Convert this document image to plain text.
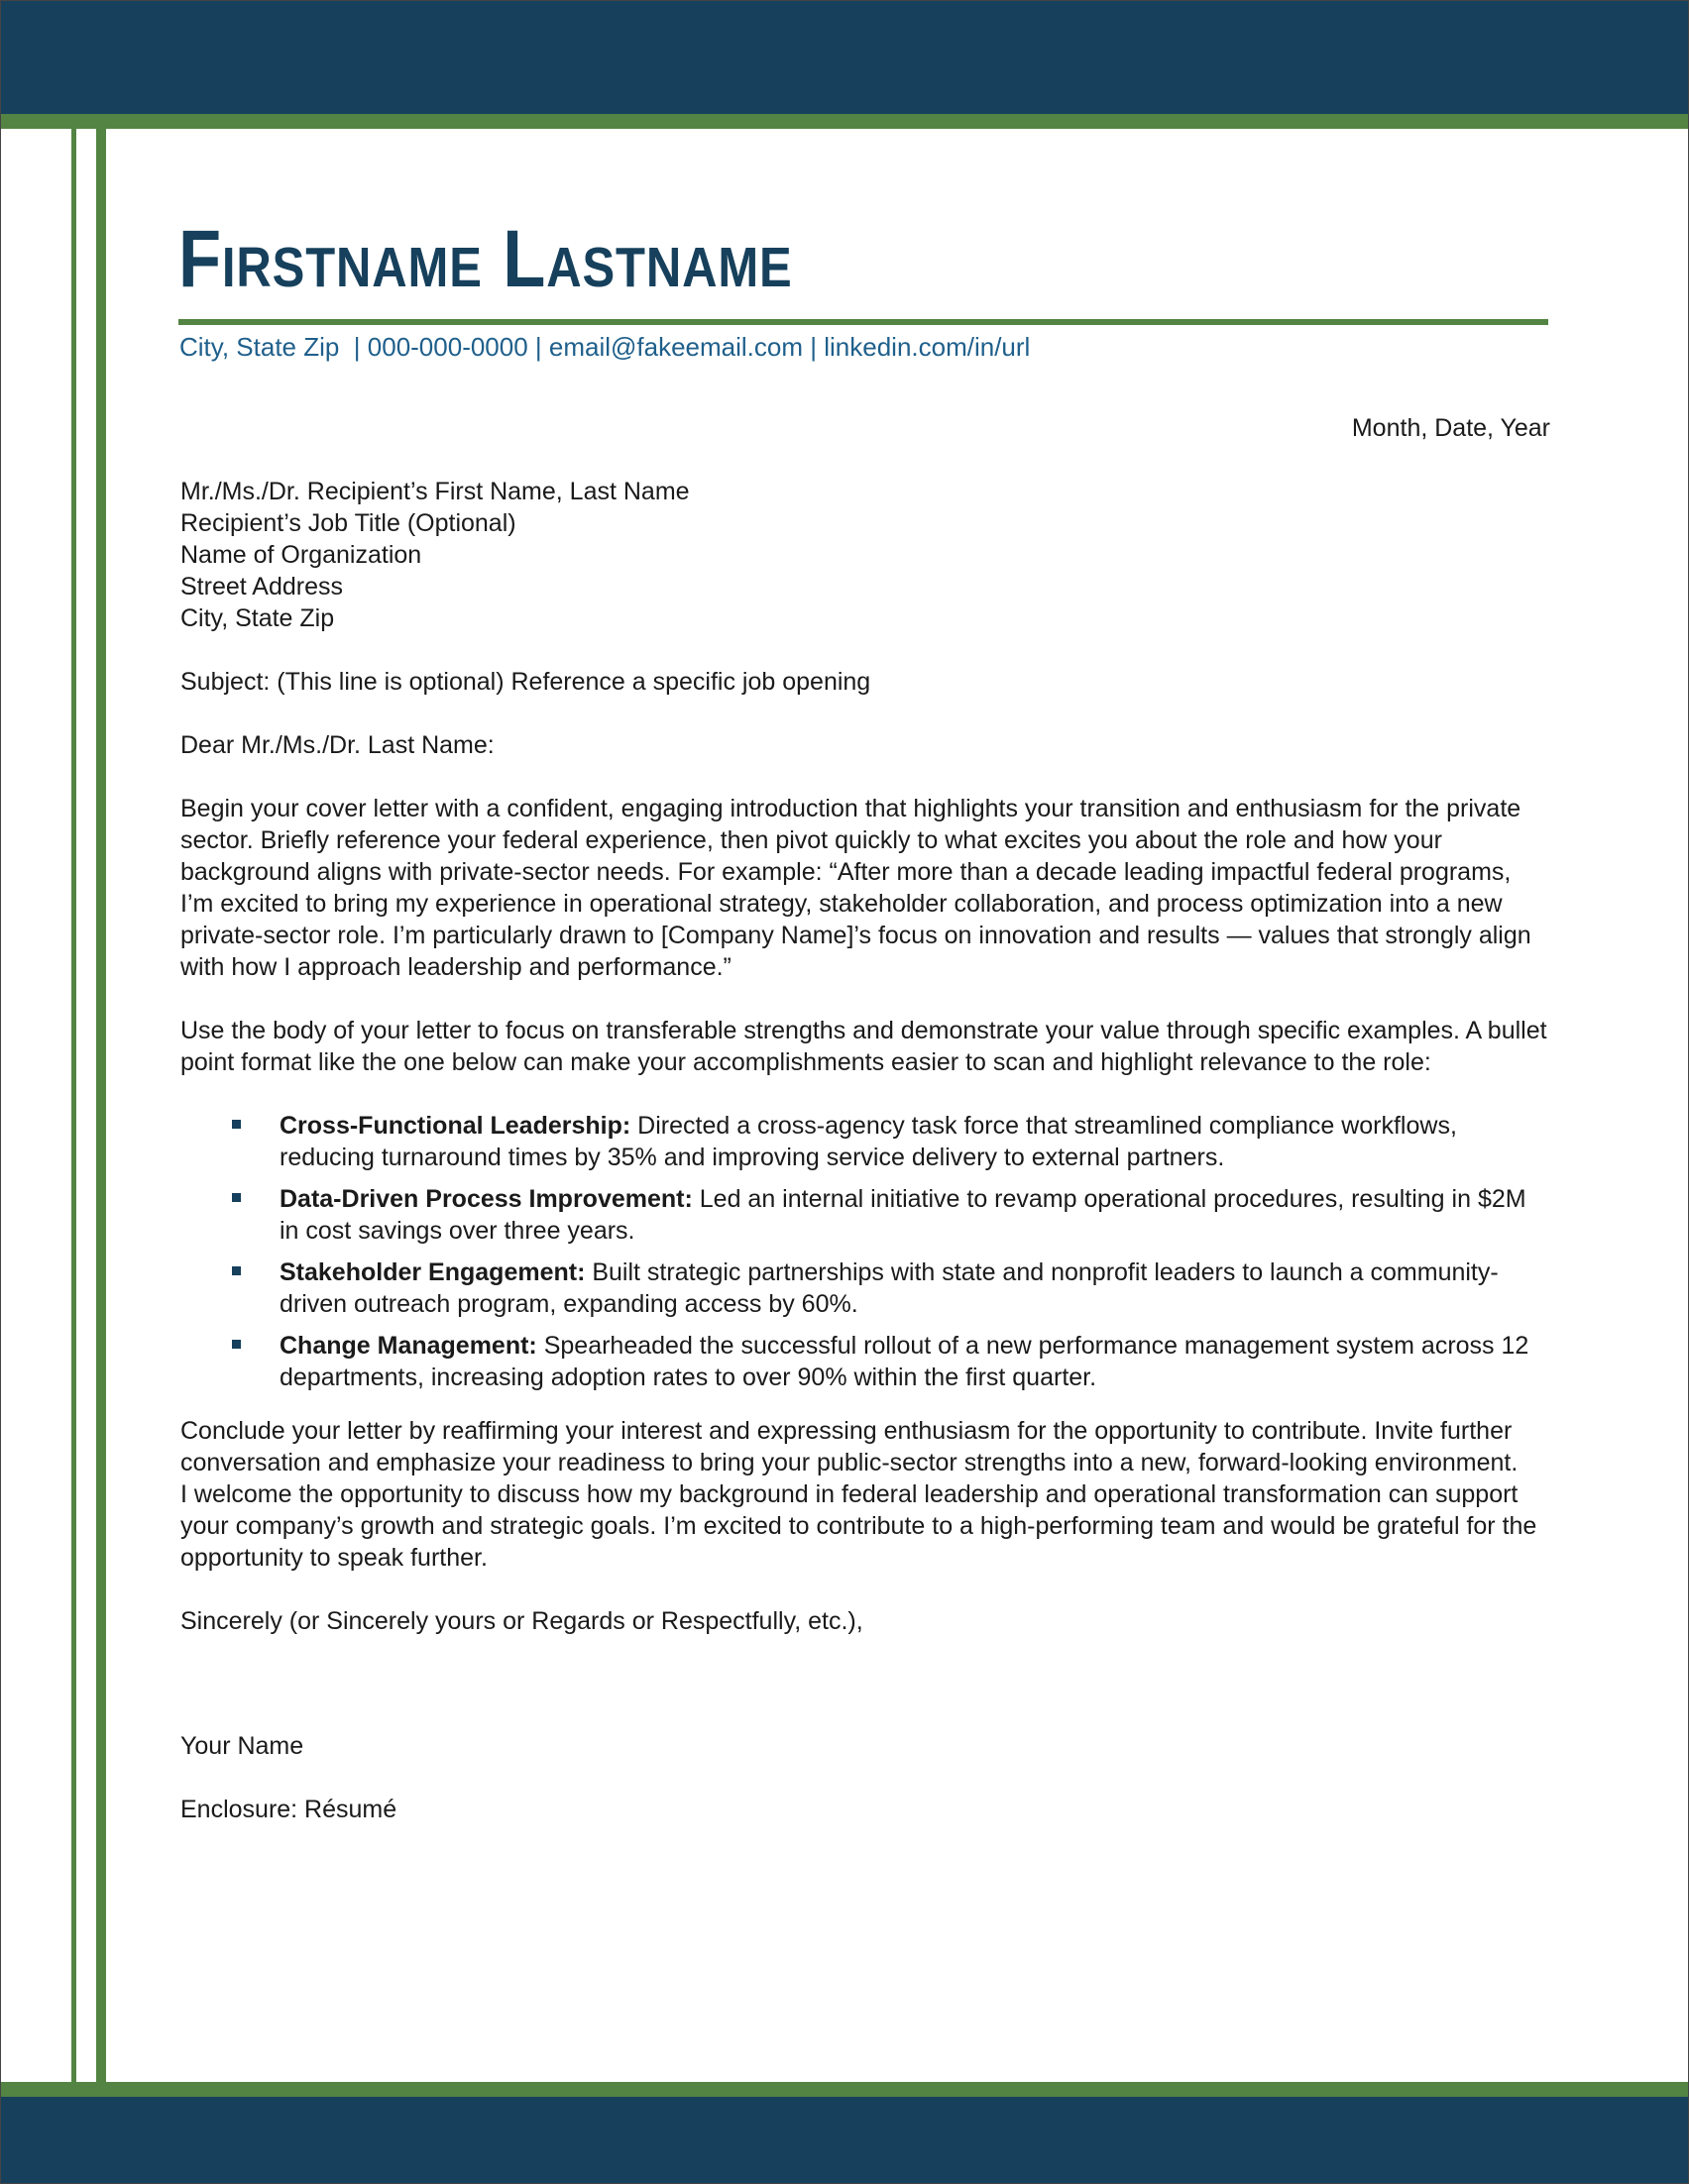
Firstname Lastname
City, State Zip  | 000-000-0000 | email@fakeemail.com | linkedin.com/in/url
Month, Date, Year
Mr./Ms./Dr. Recipient’s First Name, Last Name
Recipient’s Job Title (Optional)
Name of Organization
Street Address
City, State Zip

Subject: (This line is optional) Reference a specific job opening

Dear Mr./Ms./Dr. Last Name:

Begin your cover letter with a confident, engaging introduction that highlights your transition and enthusiasm for the private sector. Briefly reference your federal experience, then pivot quickly to what excites you about the role and how your background aligns with private-sector needs. For example: “After more than a decade leading impactful federal programs, I’m excited to bring my experience in operational strategy, stakeholder collaboration, and process optimization into a new private-sector role. I’m particularly drawn to [Company Name]’s focus on innovation and results — values that strongly align with how I approach leadership and performance.”

Use the body of your letter to focus on transferable strengths and demonstrate your value through specific examples. A bullet point format like the one below can make your accomplishments easier to scan and highlight relevance to the role:

Cross-Functional Leadership: Directed a cross-agency task force that streamlined compliance workflows, reducing turnaround times by 35% and improving service delivery to external partners.
Data-Driven Process Improvement: Led an internal initiative to revamp operational procedures, resulting in $2M in cost savings over three years.
Stakeholder Engagement: Built strategic partnerships with state and nonprofit leaders to launch a community-driven outreach program, expanding access by 60%.
Change Management: Spearheaded the successful rollout of a new performance management system across 12 departments, increasing adoption rates to over 90% within the first quarter.
Conclude your letter by reaffirming your interest and expressing enthusiasm for the opportunity to contribute. Invite further conversation and emphasize your readiness to bring your public-sector strengths into a new, forward-looking environment.
I welcome the opportunity to discuss how my background in federal leadership and operational transformation can support your company’s growth and strategic goals. I’m excited to contribute to a high-performing team and would be grateful for the opportunity to speak further.

Sincerely (or Sincerely yours or Regards or Respectfully, etc.),

Your Name

Enclosure: Résumé
